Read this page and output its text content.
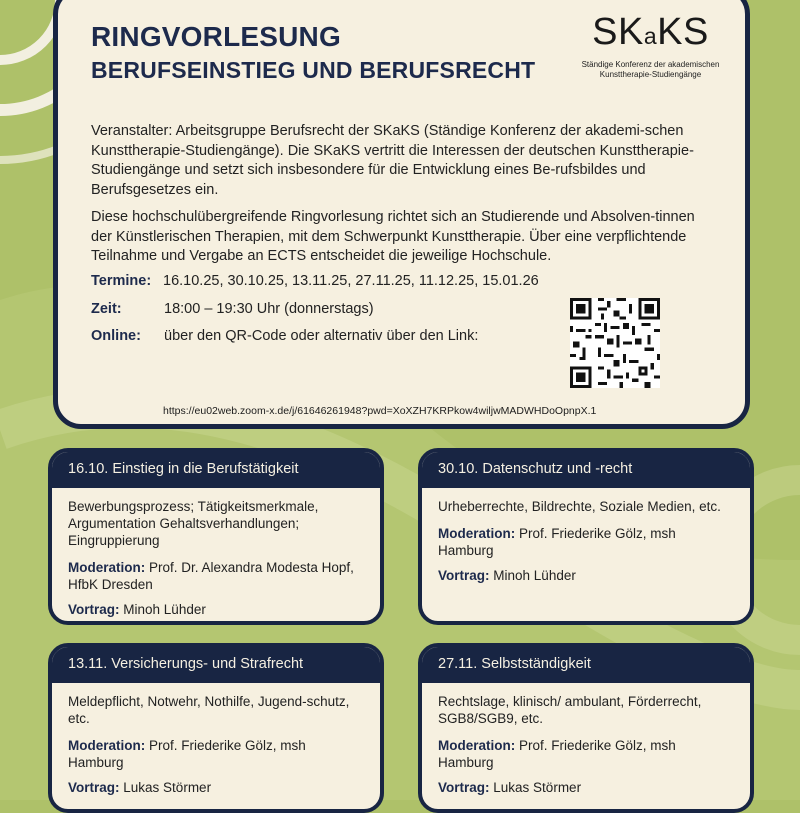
RINGVORLESUNG
BERUFSEINSTIEG UND BERUFSRECHT
SKaKS
Ständige Konferenz der akademischen
Kunsttherapie-Studiengänge

Veranstalter: Arbeitsgruppe Berufsrecht der SKaKS (Ständige Konferenz der akademi-schen Kunsttherapie-Studiengänge). Die SKaKS vertritt die Interessen der deutschen Kunsttherapie-Studiengänge und setzt sich insbesondere für die Entwicklung eines Be-rufsbildes und Berufsgesetzes ein.

Diese hochschulübergreifende Ringvorlesung richtet sich an Studierende und Absolven-tinnen der Künstlerischen Therapien, mit dem Schwerpunkt Kunsttherapie. Über eine verpflichtende Teilnahme und Vergabe an ECTS entscheidet die jeweilige Hochschule.

Termine: 16.10.25, 30.10.25, 13.11.25, 27.11.25, 11.12.25, 15.01.26
Zeit:	18:00 – 19:30 Uhr (donnerstags)
Online: über den QR-Code oder alternativ über den Link:
https://eu02web.zoom-x.de/j/61646261948?pwd=XoXZH7KRPkow4wiljwMADWHDoOpnpX.1
16.10. Einstieg in die Berufstätigkeit

Bewerbungsprozess; Tätigkeitsmerkmale, Argumentation Gehaltsverhandlungen; Eingruppierung

Moderation: Prof. Dr. Alexandra Modesta Hopf, HfbK Dresden

Vortrag: Minoh Lühder

30.10. Datenschutz und -recht

Urheberrechte, Bildrechte, Soziale Medien, etc.

Moderation: Prof. Friederike Gölz, msh Hamburg

Vortrag: Minoh Lühder

13.11. Versicherungs- und Strafrecht

Meldepflicht, Notwehr, Nothilfe, Jugend-schutz, etc.

Moderation: Prof. Friederike Gölz, msh Hamburg

Vortrag: Lukas Störmer

27.11. Selbstständigkeit

Rechtslage, klinisch/ ambulant, Förderrecht, SGB8/SGB9, etc.

Moderation: Prof. Friederike Gölz, msh Hamburg

Vortrag: Lukas Störmer
